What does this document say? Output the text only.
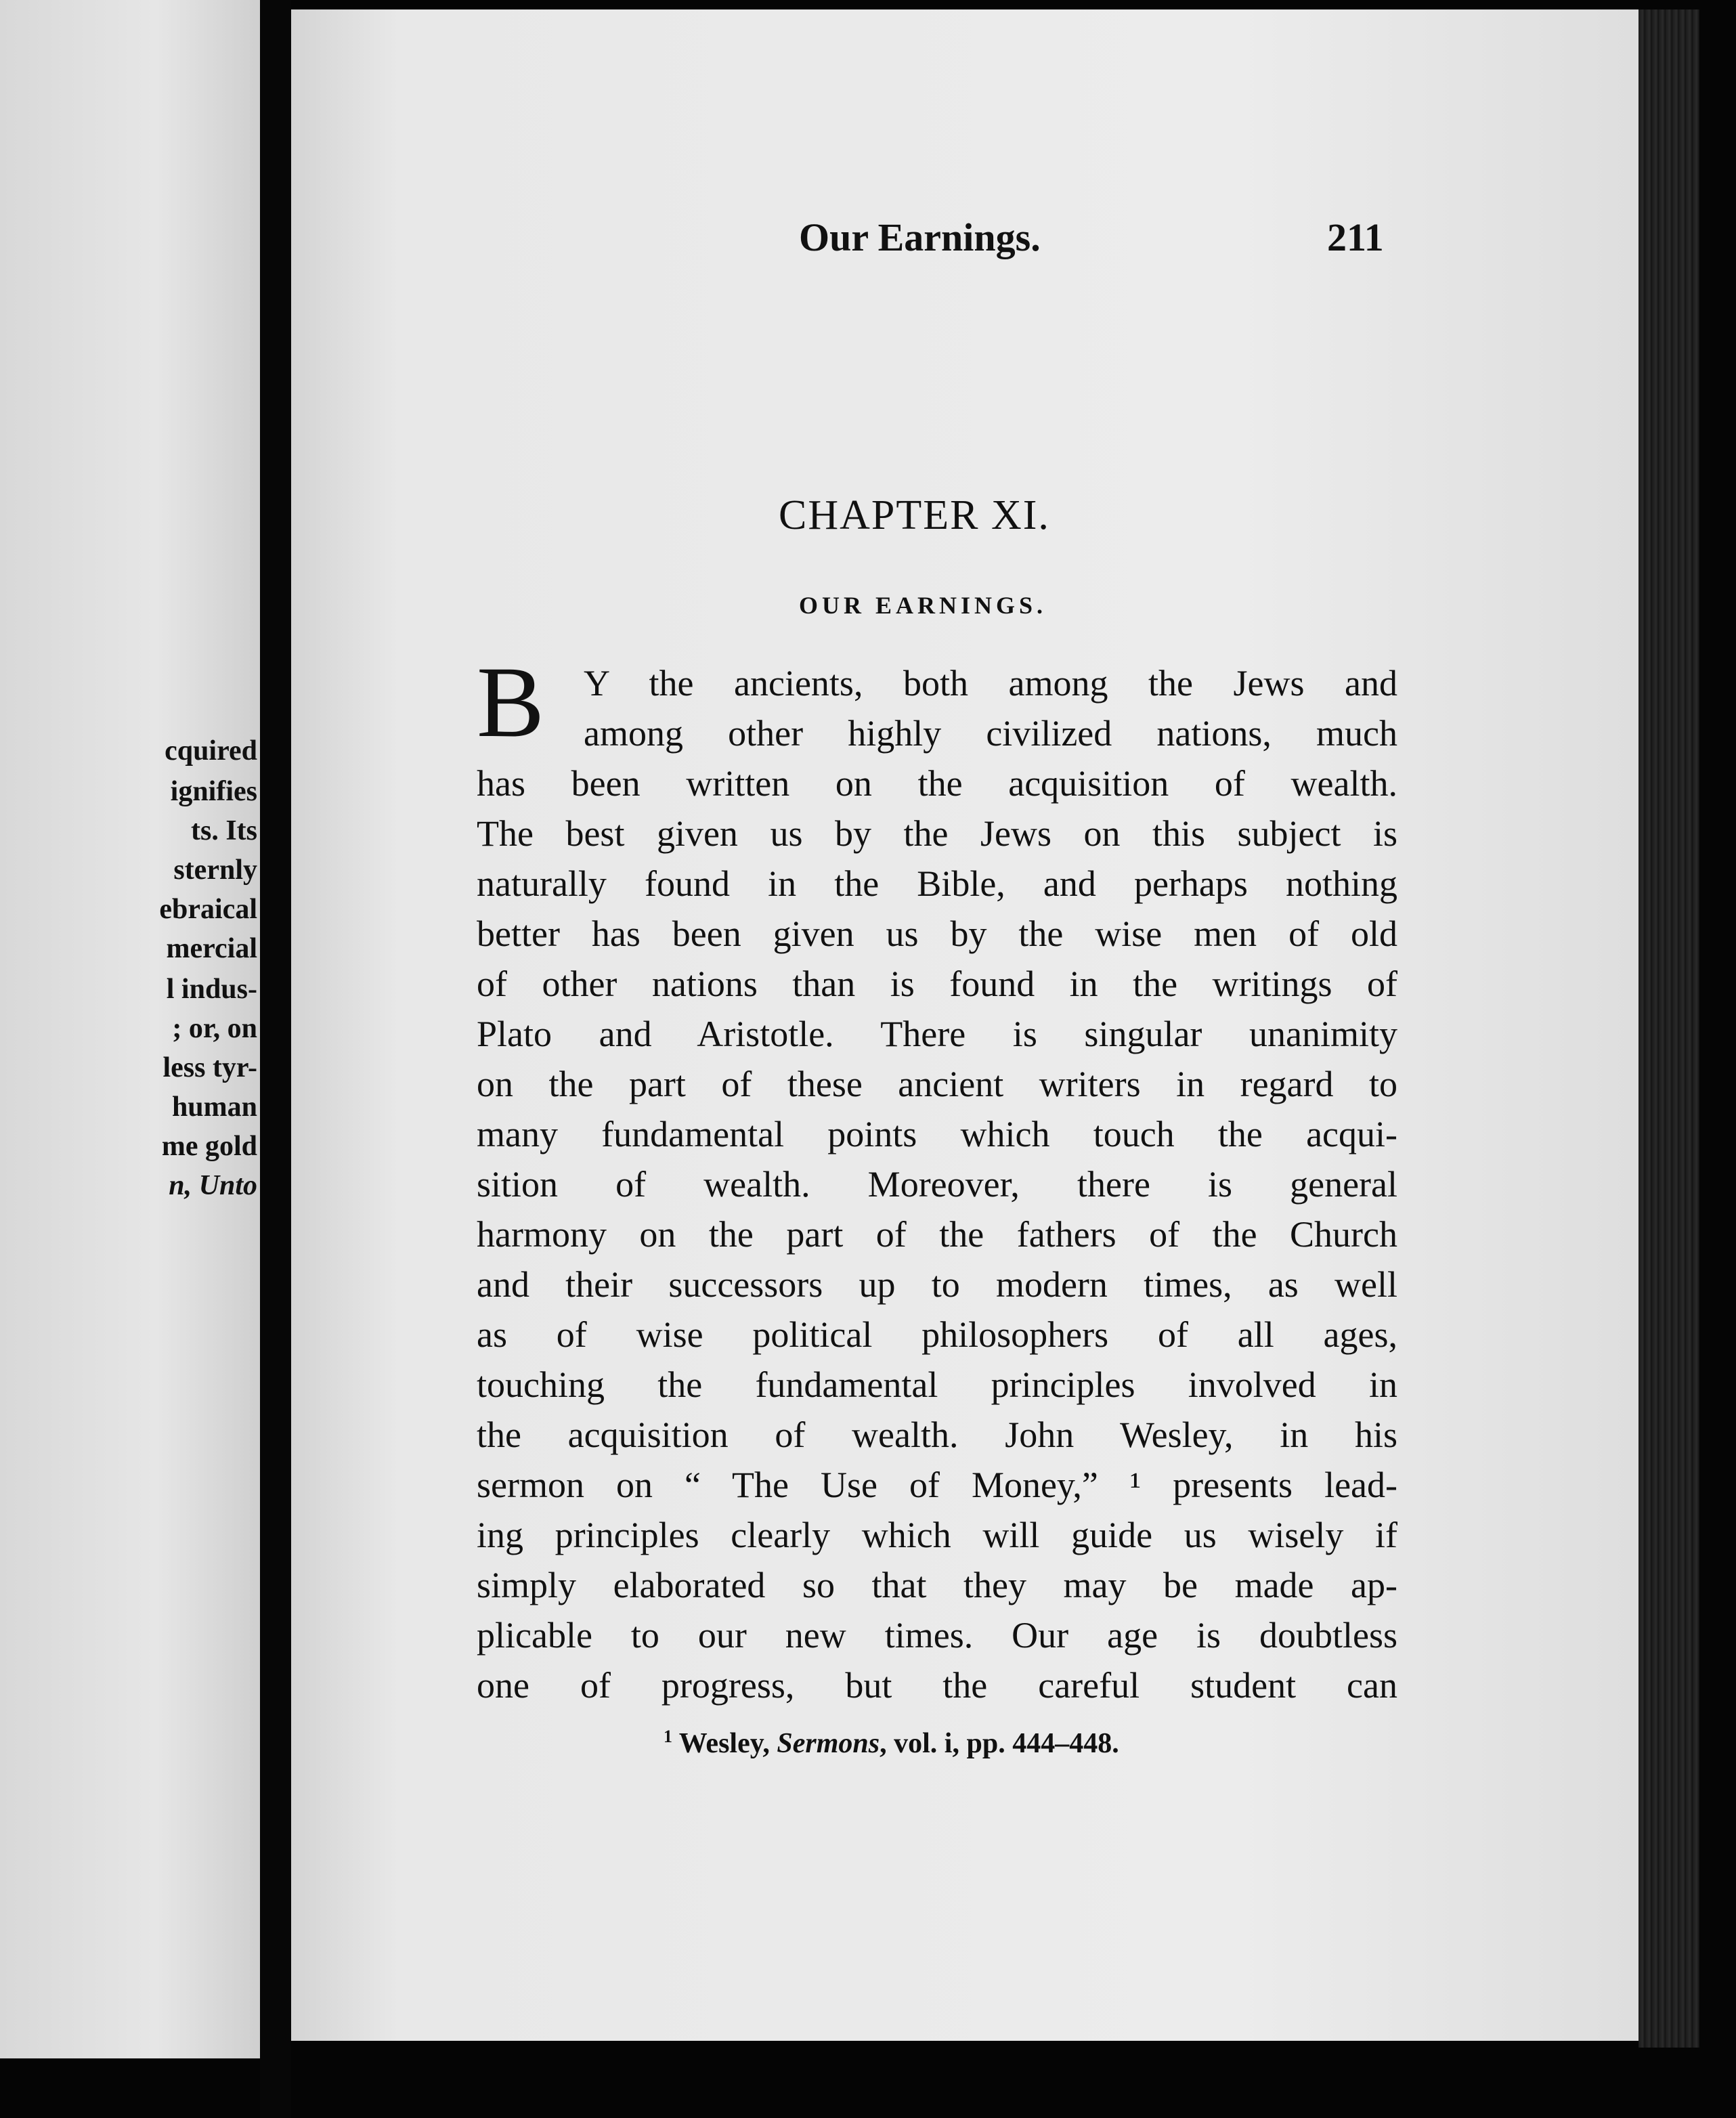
cquired
ignifies
ts. Its
sternly
ebraical
mercial
l indus-
; or, on
less tyr-
human
me gold
n, Unto
Our Earnings.	211
CHAPTER XI.
OUR EARNINGS.
B Y the ancients, both among the Jews and
among other highly civilized nations, much
has been written on the acquisition of wealth.
The best given us by the Jews on this subject is
naturally found in the Bible, and perhaps nothing
better has been given us by the wise men of old
of other nations than is found in the writings of
Plato and Aristotle. There is singular unanimity
on the part of these ancient writers in regard to
many fundamental points which touch the acqui-
sition of wealth. Moreover, there is general
harmony on the part of the fathers of the Church
and their successors up to modern times, as well
as of wise political philosophers of all ages,
touching the fundamental principles involved in
the acquisition of wealth. John Wesley, in his
sermon on “ The Use of Money,” ¹ presents lead-
ing principles clearly which will guide us wisely if
simply elaborated so that they may be made ap-
plicable to our new times. Our age is doubtless
one of progress, but the careful student can
$^1$ Wesley, Sermons, vol. i, pp. 444–448.
